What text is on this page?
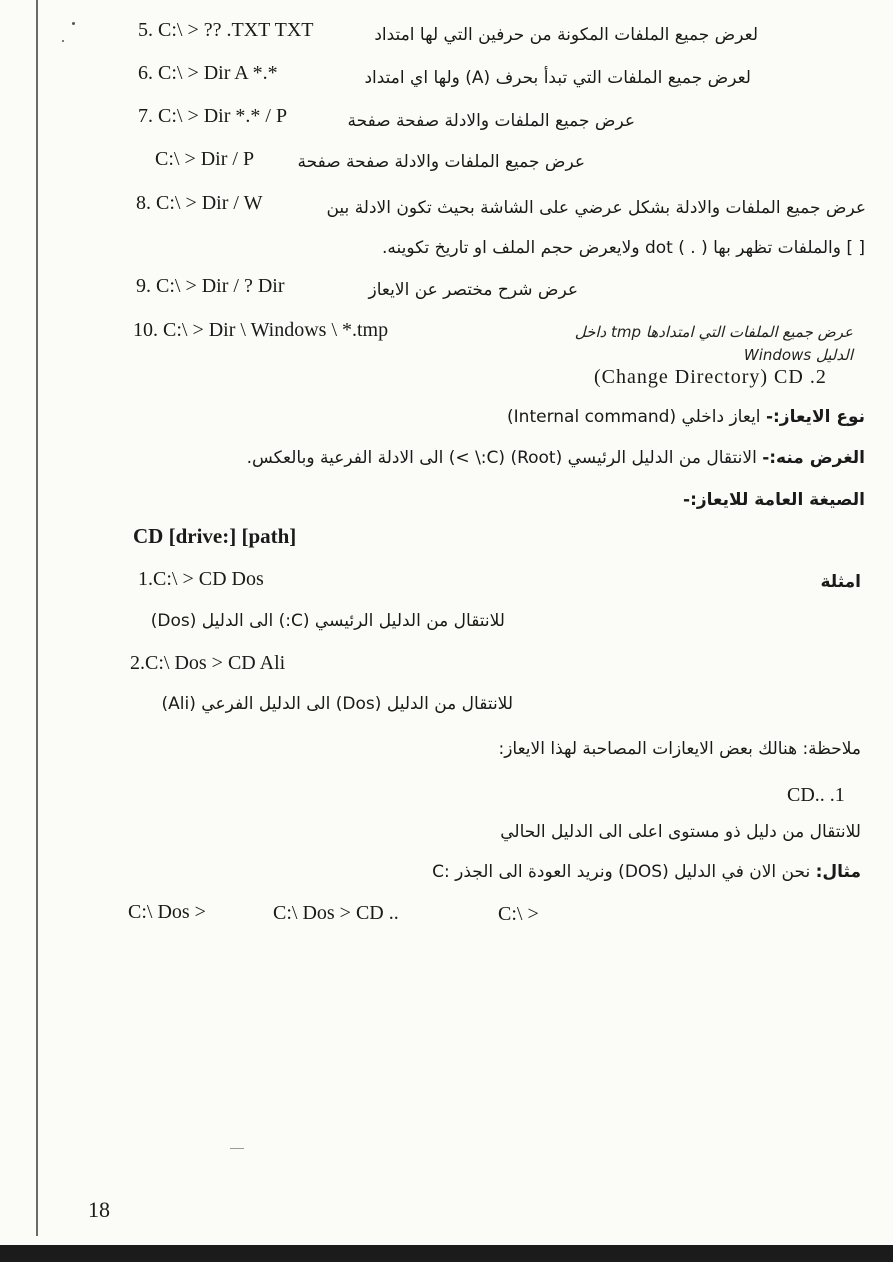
5. C:\ > ?? .TXT TXT	لعرض جميع الملفات المكونة من حرفين التي لها امتداد
6. C:\ > Dir A *.*	لعرض جميع الملفات التي تبدأ بحرف (A) ولها اي امتداد
7. C:\ > Dir *.* / P	عرض جميع الملفات والادلة صفحة صفحة
C:\ > Dir / P	عرض جميع الملفات والادلة صفحة صفحة
8. C:\ > Dir / W	عرض جميع الملفات والادلة بشكل عرضي على الشاشة بحيث تكون الادلة بين
[ ] والملفات تظهر بها ( . ) dot ولايعرض حجم الملف او تاريخ تكوينه.
9. C:\ > Dir / ? Dir	عرض شرح مختصر عن الايعاز
10. C:\ > Dir \ Windows \ *.tmp	عرض جميع الملفات التي امتدادها tmp داخل
الدليل Windows
(Change Directory) CD .2
نوع الايعاز:- ايعاز داخلي (Internal command)
الغرض منه:- الانتقال من الدليل الرئيسي (Root) (C:\ >) الى الادلة الفرعية وبالعكس.
الصيغة العامة للايعاز:-
CD [drive:] [path]
1.C:\ > CD Dos	امثلة
للانتقال من الدليل الرئيسي (C:) الى الدليل (Dos)
2.C:\ Dos > CD Ali
للانتقال من الدليل (Dos) الى الدليل الفرعي (Ali)
ملاحظة: هنالك بعض الايعازات المصاحبة لهذا الايعاز:
CD.. .1
للانتقال من دليل ذو مستوى اعلى الى الدليل الحالي
مثال: نحن الان في الدليل (DOS) ونريد العودة الى الجذر :C
C:\ Dos >	C:\ Dos > CD ..	C:\ >
18
